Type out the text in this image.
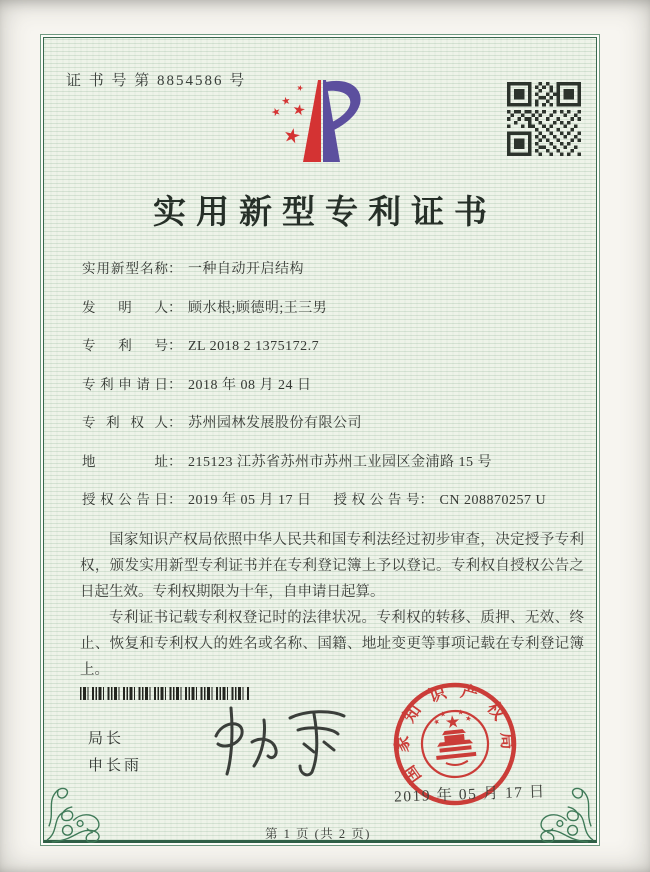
证 书 号 第 8854586 号
实用新型专利证书
实用新型名称 ： 一种自动开启结构
发明人 ： 顾水根;顾德明;王三男
专利号 ： ZL 2018 2 1375172.7
专利申请日 ： 2018 年 08 月 24 日
专利权人 ： 苏州园林发展股份有限公司
地址 ： 215123 江苏省苏州市苏州工业园区金浦路 15 号
授权公告日 ： 2019 年 05 月 17 日 授权公告号 ： CN 208870257 U

国家知识产权局依照中华人民共和国专利法经过初步审查，决定授予专利权，颁发实用新型专利证书并在专利登记簿上予以登记。专利权自授权公告之日起生效。专利权期限为十年，自申请日起算。

专利证书记载专利权登记时的法律状况。专利权的转移、质押、无效、终止、恢复和专利权人的姓名或名称、国籍、地址变更等事项记载在专利登记簿上。

局长
申长雨	国家知识产权局
2019 年 05 月 17 日
第 1 页 (共 2 页)
